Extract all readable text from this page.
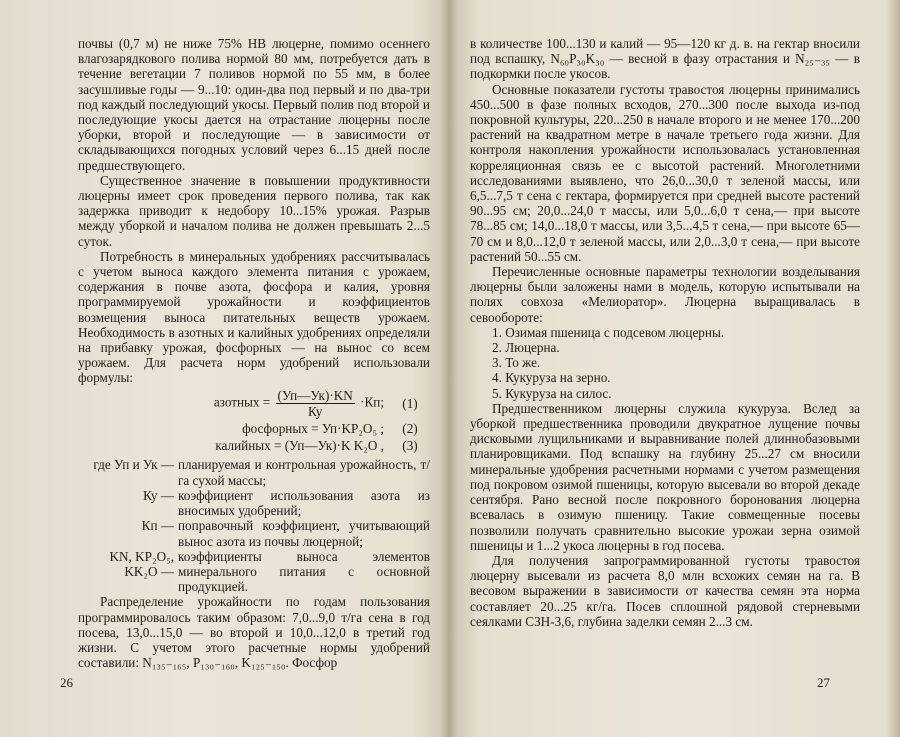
почвы (0,7 м) не ниже 75% НВ люцерне, помимо осеннего влагозарядкового полива нормой 80 мм, потребуется дать в течение вегетации 7 поливов нормой по 55 мм, в более засушливые годы — 9...10: один-два под первый и по два-три под каждый последующий укосы. Первый полив под второй и последующие укосы дается на отрастание люцерны после уборки, второй и последующие — в зависимости от складывающихся погодных условий через 6...15 дней после предшествующего.

Существенное значение в повышении продуктивности люцерны имеет срок проведения первого полива, так как задержка приводит к недобору 10...15% урожая. Разрыв между уборкой и началом полива не должен превышать 2...5 суток.

Потребность в минеральных удобрениях рассчитывалась с учетом выноса каждого элемента питания с урожаем, содержания в почве азота, фосфора и калия, уровня программируемой урожайности и коэффициентов возмещения выноса питательных веществ урожаем. Необходимость в азотных и калийных удобрениях определяли на прибавку урожая, фосфорных — на вынос со всем урожаем. Для расчета норм удобрений использовали формулы:

азотных = $\frac{(Уп—Ук)\cdot KN}{Ку} \cdot Кп$;	(1)
фосфорных = Уп·KP₂O₅ ;	(2)
калийных = (Уп—Ук)·K K₂O ,	(3)
где Уп и Ук — планируемая и контрольная урожайность, т/га сухой массы;
Ку — коэффициент использования азота из вносимых удобрений;
Кп — поправочный коэффициент, учитывающий вынос азота из почвы люцерной;
KN, KP₂O₅, KK₂O —
коэффициенты выноса элементов минерального питания с основной продукцией.

Распределение урожайности по годам пользования программировалось таким образом: 7,0...9,0 т/га сена в год посева, 13,0...15,0 — во второй и 10,0...12,0 в третий год жизни. С учетом этого расчетные нормы удобрений составили: N₁₃₅₋₁₆₅, P₁₃₀₋₁₆₀, K₁₂₅₋₁₅₀. Фосфор

26

в количестве 100...130 и калий — 95—120 кг д. в. на гектар вносили под вспашку, N₆₀P₃₀K₃₀ — весной в фазу отрастания и N₂₅₋₃₅ — в подкормки после укосов.

Основные показатели густоты травостоя люцерны принимались 450...500 в фазе полных всходов, 270...300 после выхода из-под покровной культуры, 220...250 в начале второго и не менее 170...200 растений на квадратном метре в начале третьего года жизни. Для контроля накопления урожайности использовалась установленная корреляционная связь ее с высотой растений. Многолетними исследованиями выявлено, что 26,0...30,0 т зеленой массы, или 6,5...7,5 т сена с гектара, формируется при средней высоте растений 90...95 см; 20,0...24,0 т массы, или 5,0...6,0 т сена,— при высоте 78...85 см; 14,0...18,0 т массы, или 3,5...4,5 т сена,— при высоте 65—70 см и 8,0...12,0 т зеленой массы, или 2,0...3,0 т сена,— при высоте растений 50...55 см.

Перечисленные основные параметры технологии возделывания люцерны были заложены нами в модель, которую испытывали на полях совхоза «Мелиоратор». Люцерна выращивалась в севообороте:

1. Озимая пшеница с подсевом люцерны.
2. Люцерна.
3. То же.
4. Кукуруза на зерно.
5. Кукуруза на силос.

Предшественником люцерны служила кукуруза. Вслед за уборкой предшественника проводили двукратное лущение почвы дисковыми лущильниками и выравнивание полей длиннобазовыми планировщиками. Под вспашку на глубину 25...27 см вносили минеральные удобрения расчетными нормами с учетом размещения под покровом озимой пшеницы, которую высевали во второй декаде сентября. Рано весной после покровного боронования люцерна всевалась в озимую пшеницу. Такие совмещенные посевы позволили получать сравнительно высокие урожаи зерна озимой пшеницы и 1...2 укоса люцерны в год посева.

Для получения запрограммированной густоты травостоя люцерну высевали из расчета 8,0 млн всхожих семян на га. В весовом выражении в зависимости от качества семян эта норма составляет 20...25 кг/га. Посев сплошной рядовой стерневыми сеялками СЗН-3,6, глубина заделки семян 2...3 см.

27
